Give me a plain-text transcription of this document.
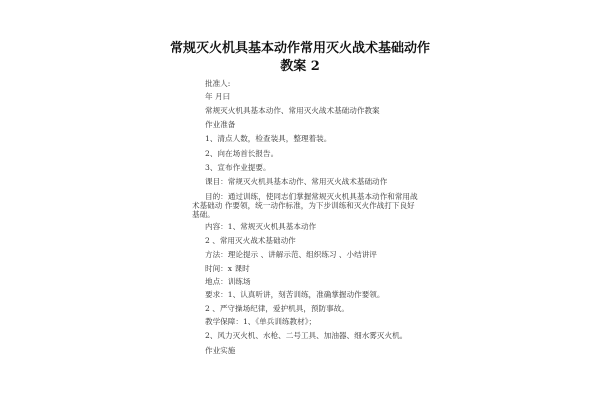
常规灭火机具基本动作常用灭火战术基础动作
教案 2
批准人:
年 月曰
常规灭火机具基本动作、常用灭火战术基础动作教案
作业准备
1、清点人数，检查装具，整理着装。
2、向在场首长报告。
3、宣布作业提要。
课目：常规灭火机具基本动作、常用灭火战术基础动作
目的：通过训练，使同志们掌握常规灭火机具基本动作和常用战
术基础动 作要领，统一动作标准，为下步训练和灭火作战打下良好
基础。
内容：1、常规灭火机具基本动作
2 、常用灭火战术基础动作
方法：理论提示 、讲解示范、组织练习 、小结讲评
时间：x 课时
地点：训练场
要求：1、认真听讲，刻苦训练，准确掌握动作要领。
2 、严守操场纪律，爱护机具，预防事故。
教学保障：1、《单兵训练教材》；
2、风力灭火机、水枪、二号工具、加油器、细水雾灭火机。
作业实施
